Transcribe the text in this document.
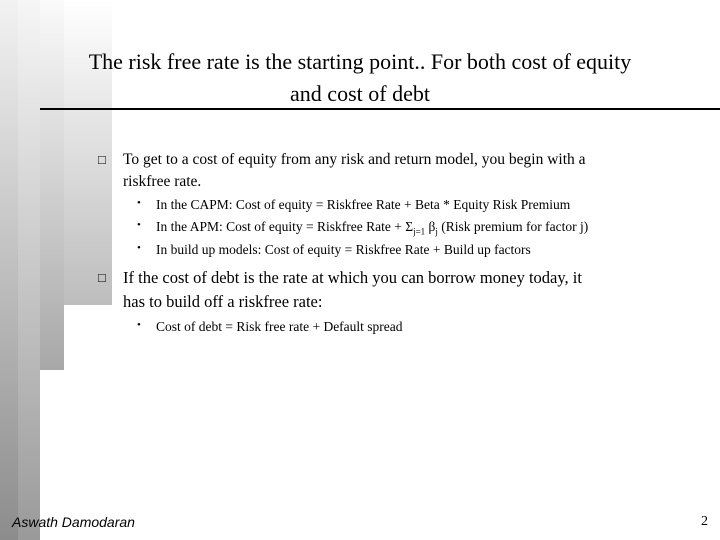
The risk free rate is the starting point.. For both cost of equity
and cost of debt
□ To get to a cost of equity from any risk and return model, you begin with a
riskfree rate.
• In the CAPM: Cost of equity = Riskfree Rate + Beta * Equity Risk Premium
• In the APM: Cost of equity = Riskfree Rate + $\Sigma_{j=1}$ $\beta_j$ (Risk premium for factor j)
• In build up models: Cost of equity = Riskfree Rate + Build up factors
□ If the cost of debt is the rate at which you can borrow money today, it
has to build off a riskfree rate:
• Cost of debt = Risk free rate + Default spread
Aswath Damodaran	2
